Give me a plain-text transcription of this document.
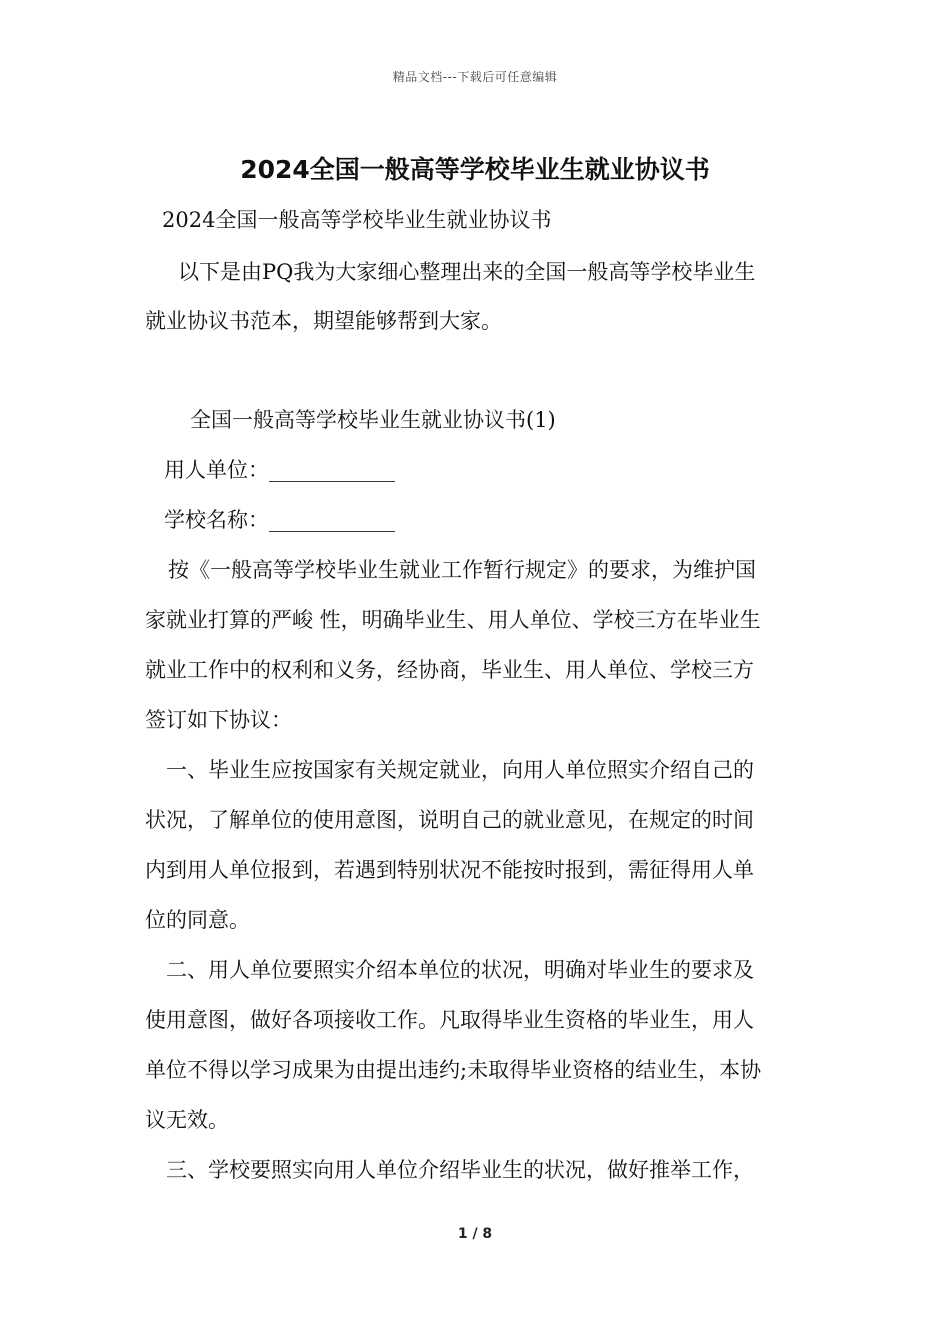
精品文档---下载后可任意编辑
2024全国一般高等学校毕业生就业协议书
2024全国一般高等学校毕业生就业协议书
以下是由PQ我为大家细心整理出来的全国一般高等学校毕业生
就业协议书范本，期望能够帮到大家。
全国一般高等学校毕业生就业协议书(1)
用人单位：____________
学校名称：____________
按《一般高等学校毕业生就业工作暂行规定》的要求，为维护国
家就业打算的严峻 性，明确毕业生、用人单位、学校三方在毕业生
就业工作中的权利和义务，经协商，毕业生、用人单位、学校三方
签订如下协议：
一、毕业生应按国家有关规定就业，向用人单位照实介绍自己的
状况，了解单位的使用意图，说明自己的就业意见，在规定的时间
内到用人单位报到，若遇到特别状况不能按时报到，需征得用人单
位的同意。
二、用人单位要照实介绍本单位的状况，明确对毕业生的要求及
使用意图，做好各项接收工作。凡取得毕业生资格的毕业生，用人
单位不得以学习成果为由提出违约;未取得毕业资格的结业生，本协
议无效。
三、学校要照实向用人单位介绍毕业生的状况，做好推举工作，
1 / 8
